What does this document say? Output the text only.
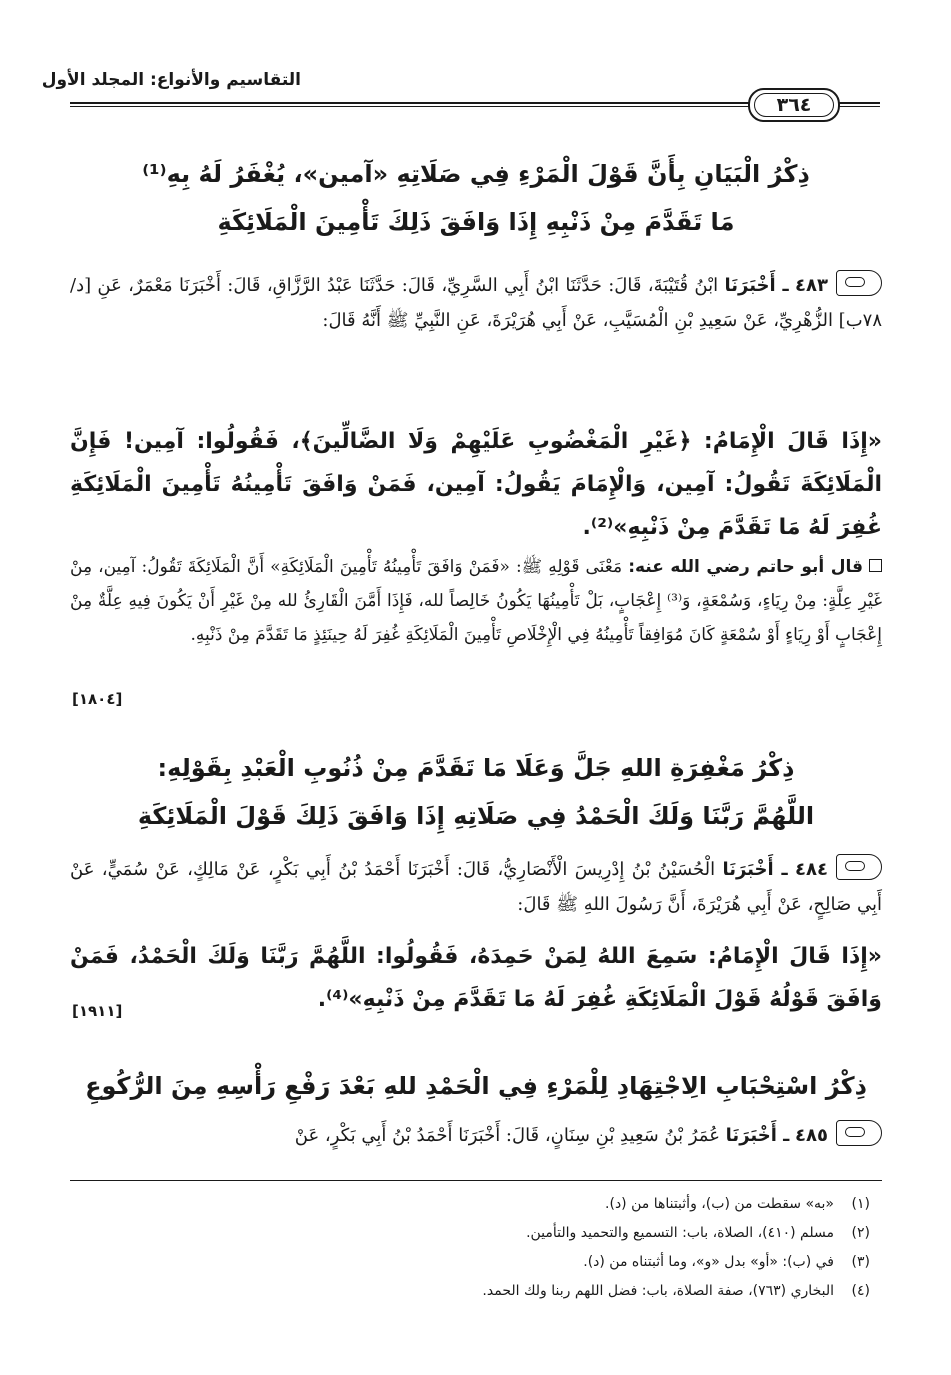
التقاسيم والأنواع: المجلد الأول
٣٦٤
ذِكْرُ الْبَيَانِ بِأَنَّ قَوْلَ الْمَرْءِ فِي صَلَاتِهِ «آمين»، يُغْفَرُ لَهُ بِهِ⁽¹⁾
مَا تَقَدَّمَ مِنْ ذَنْبِهِ إِذَا وَافَقَ ذَلِكَ تَأْمِينَ الْمَلَائِكَةِ
٤٨٣ ـ أَخْبَرَنَا ابْنُ قُتَيْبَةَ، قَالَ: حَدَّثَنَا ابْنُ أَبِي السَّرِيِّ، قَالَ: حَدَّثَنَا عَبْدُ الرَّزَّاقِ، قَالَ: أَخْبَرَنَا مَعْمَرٌ، عَنِ [د/٧٨ب] الزُّهْرِيِّ، عَنْ سَعِيدِ بْنِ الْمُسَيَّبِ، عَنْ أَبِي هُرَيْرَةَ، عَنِ النَّبِيِّ ﷺ أَنَّهُ قَالَ:
«إِذَا قَالَ الْإِمَامُ: ﴿غَيْرِ الْمَغْضُوبِ عَلَيْهِمْ وَلَا الضَّالِّينَ﴾، فَقُولُوا: آمِين! فَإِنَّ الْمَلَائِكَةَ تَقُولُ: آمِين، وَالْإِمَامَ يَقُولُ: آمِين، فَمَنْ وَافَقَ تَأْمِينُهُ تَأْمِينَ الْمَلَائِكَةِ غُفِرَ لَهُ مَا تَقَدَّمَ مِنْ ذَنْبِهِ»⁽²⁾.
قال أبو حاتم رضي الله عنه: مَعْنَى قَوْلِهِ ﷺ: «فَمَنْ وَافَقَ تَأْمِينُهُ تَأْمِينَ الْمَلَائِكَةِ» أَنَّ الْمَلَائِكَةَ تَقُولُ: آمِين، مِنْ غَيْرِ عِلَّةٍ: مِنْ رِيَاءٍ، وَسُمْعَةٍ، وَ⁽³⁾ إِعْجَابٍ، بَلْ تَأْمِينُهَا يَكُونُ خَالِصاً لله، فَإِذَا أَمَّنَ الْقَارِئُ لله مِنْ غَيْرِ أَنْ يَكُونَ فِيهِ عِلَّةٌ مِنْ إِعْجَابٍ أَوْ رِيَاءٍ أَوْ سُمْعَةٍ كَانَ مُوَافِقاً تَأْمِينُهُ فِي الْإِخْلَاصِ تَأْمِينَ الْمَلَائِكَةِ غُفِرَ لَهُ حِينَئِذٍ مَا تَقَدَّمَ مِنْ ذَنْبِهِ.
[١٨٠٤]
ذِكْرُ مَغْفِرَةِ اللهِ جَلَّ وَعَلَا مَا تَقَدَّمَ مِنْ ذُنُوبِ الْعَبْدِ بِقَوْلِهِ:
اللَّهُمَّ رَبَّنَا وَلَكَ الْحَمْدُ فِي صَلَاتِهِ إِذَا وَافَقَ ذَلِكَ قَوْلَ الْمَلَائِكَةِ
٤٨٤ ـ أَخْبَرَنَا الْحُسَيْنُ بْنُ إِدْرِيسَ الْأَنْصَارِيُّ، قَالَ: أَخْبَرَنَا أَحْمَدُ بْنُ أَبِي بَكْرٍ، عَنْ مَالِكٍ، عَنْ سُمَيٍّ، عَنْ أَبِي صَالِحٍ، عَنْ أَبِي هُرَيْرَةَ، أَنَّ رَسُولَ اللهِ ﷺ قَالَ:
«إِذَا قَالَ الْإِمَامُ: سَمِعَ اللهُ لِمَنْ حَمِدَهُ، فَقُولُوا: اللَّهُمَّ رَبَّنَا وَلَكَ الْحَمْدُ، فَمَنْ وَافَقَ قَوْلُهُ قَوْلَ الْمَلَائِكَةِ غُفِرَ لَهُ مَا تَقَدَّمَ مِنْ ذَنْبِهِ»⁽⁴⁾.
[١٩١١]
ذِكْرُ اسْتِحْبَابِ الِاجْتِهَادِ لِلْمَرْءِ فِي الْحَمْدِ للهِ بَعْدَ رَفْعِ رَأْسِهِ مِنَ الرُّكُوعِ
٤٨٥ ـ أَخْبَرَنَا عُمَرُ بْنُ سَعِيدِ بْنِ سِنَانٍ، قَالَ: أَخْبَرَنَا أَحْمَدُ بْنُ أَبِي بَكْرٍ، عَنْ
(١)«به» سقطت من (ب)، وأثبتناها من (د).
(٢)مسلم (٤١٠)، الصلاة، باب: التسميع والتحميد والتأمين.
(٣)في (ب): «أو» بدل «و»، وما أثبتناه من (د).
(٤)البخاري (٧٦٣)، صفة الصلاة، باب: فضل اللهم ربنا ولك الحمد.
